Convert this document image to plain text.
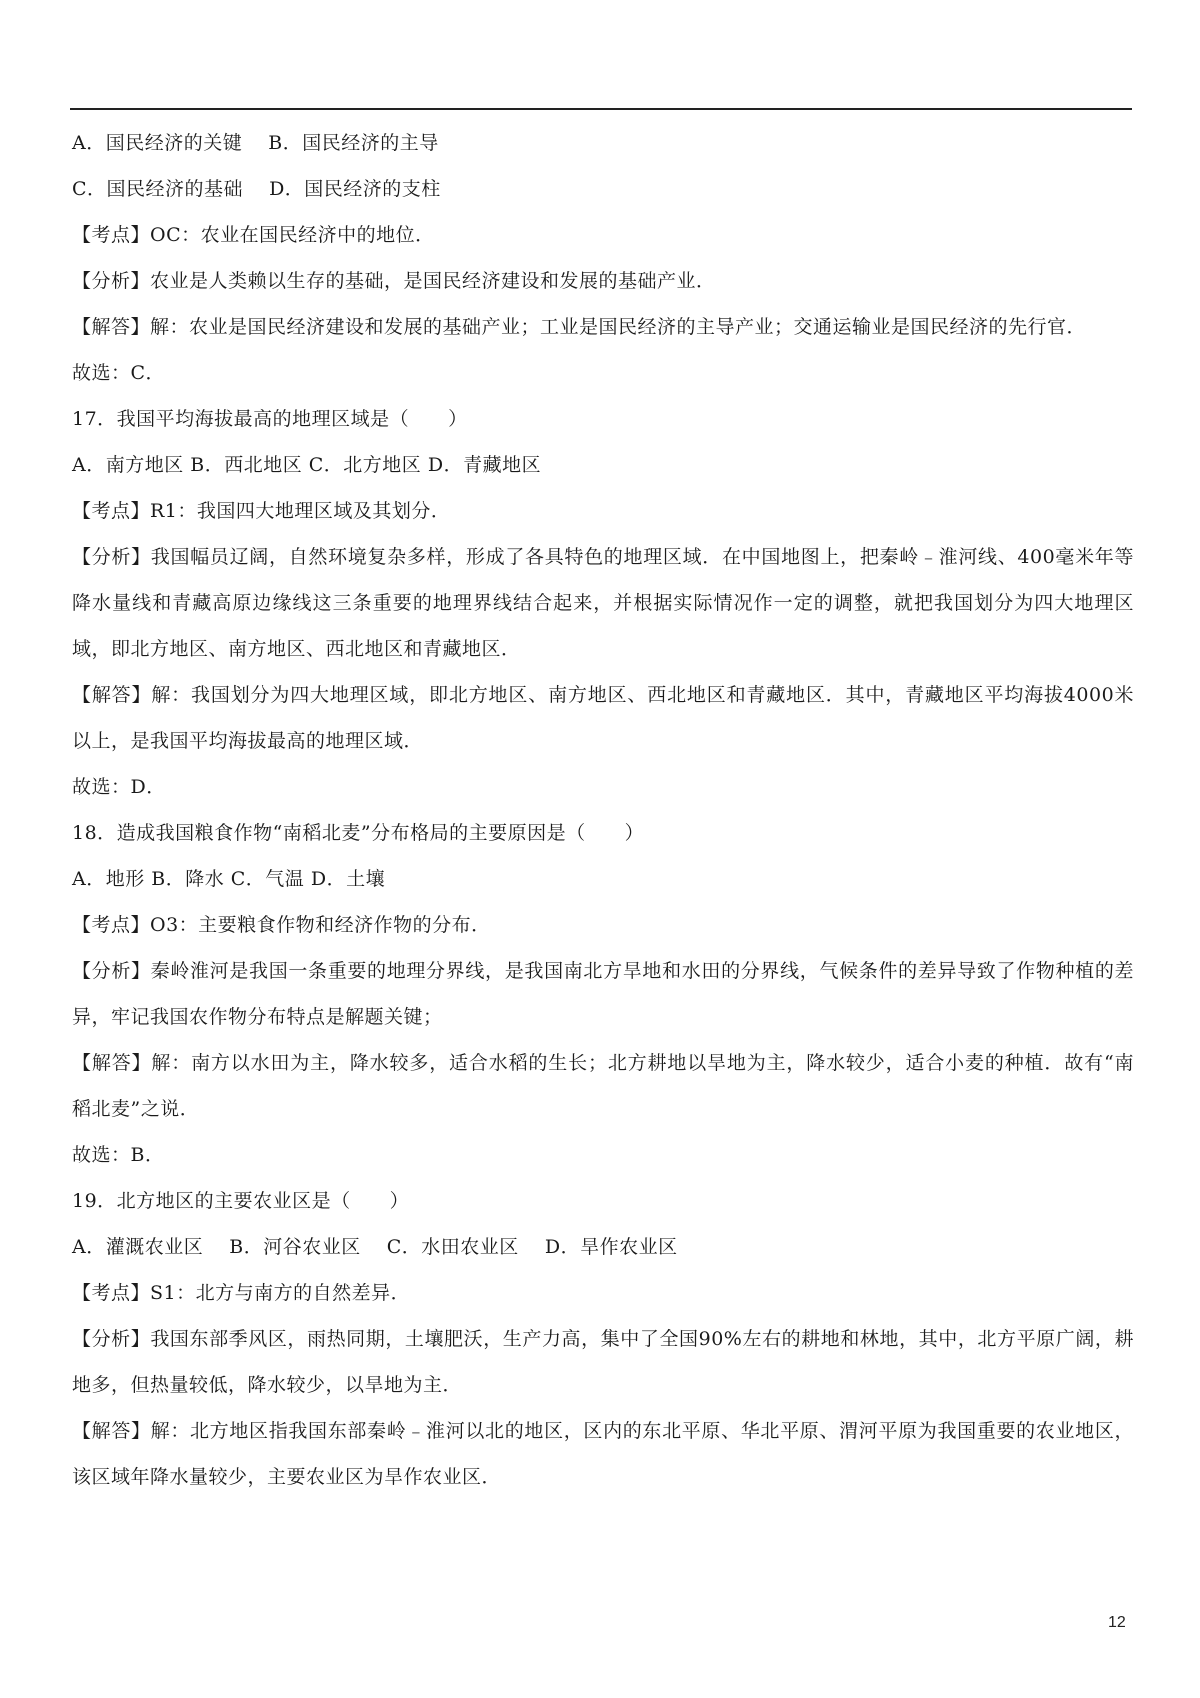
A．国民经济的关键　 B．国民经济的主导
C．国民经济的基础　 D．国民经济的支柱
【考点】OC：农业在国民经济中的地位．
【分析】农业是人类赖以生存的基础，是国民经济建设和发展的基础产业．
【解答】解：农业是国民经济建设和发展的基础产业；工业是国民经济的主导产业；交通运输业是国民经济的先行官．
故选：C．
17．我国平均海拔最高的地理区域是（　　）
A．南方地区 B．西北地区 C．北方地区 D．青藏地区
【考点】R1：我国四大地理区域及其划分．
【分析】我国幅员辽阔，自然环境复杂多样，形成了各具特色的地理区域．在中国地图上，把秦岭﹣淮河线、400毫米年等降水量线和青藏高原边缘线这三条重要的地理界线结合起来，并根据实际情况作一定的调整，就把我国划分为四大地理区域，即北方地区、南方地区、西北地区和青藏地区．
【解答】解：我国划分为四大地理区域，即北方地区、南方地区、西北地区和青藏地区．其中，青藏地区平均海拔4000米以上，是我国平均海拔最高的地理区域．
故选：D．
18．造成我国粮食作物“南稻北麦”分布格局的主要原因是（　　）
A．地形 B．降水 C．气温 D．土壤
【考点】O3：主要粮食作物和经济作物的分布．
【分析】秦岭淮河是我国一条重要的地理分界线，是我国南北方旱地和水田的分界线，气候条件的差异导致了作物种植的差异，牢记我国农作物分布特点是解题关键；
【解答】解：南方以水田为主，降水较多，适合水稻的生长；北方耕地以旱地为主，降水较少，适合小麦的种植．故有“南稻北麦”之说．
故选：B．
19．北方地区的主要农业区是（　　）
A．灌溉农业区　 B．河谷农业区　 C．水田农业区　 D．旱作农业区
【考点】S1：北方与南方的自然差异．
【分析】我国东部季风区，雨热同期，土壤肥沃，生产力高，集中了全国90%左右的耕地和林地，其中，北方平原广阔，耕地多，但热量较低，降水较少，以旱地为主．
【解答】解：北方地区指我国东部秦岭﹣淮河以北的地区，区内的东北平原、华北平原、渭河平原为我国重要的农业地区，该区域年降水量较少，主要农业区为旱作农业区．
12
